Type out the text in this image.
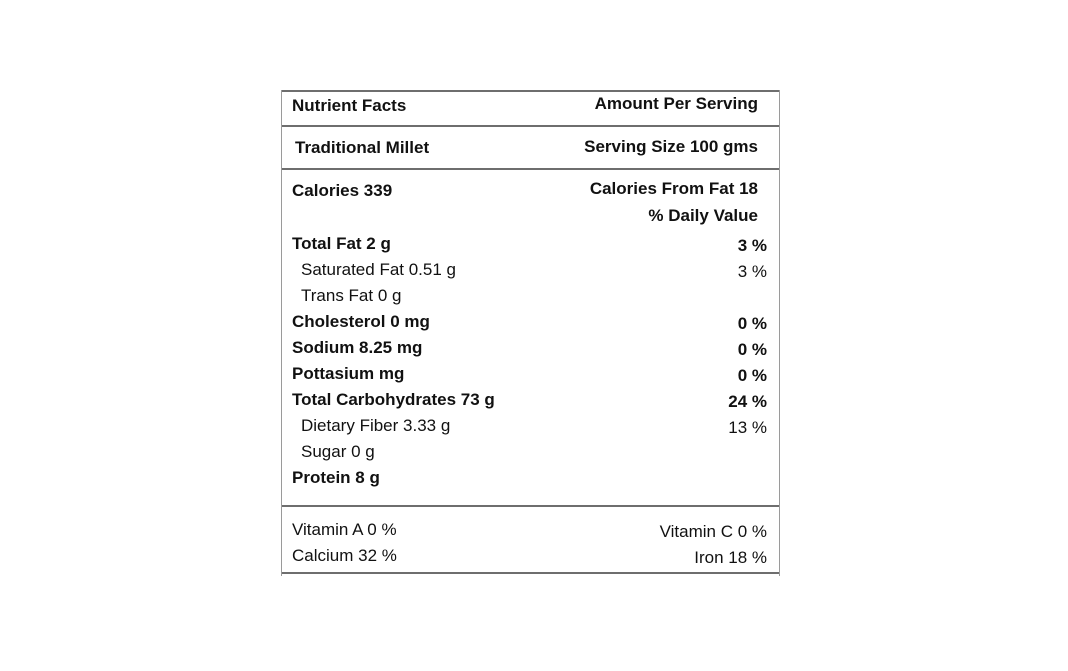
Nutrient Facts	Amount Per Serving
Traditional Millet	Serving Size 100 gms
Calories 339	Calories From Fat 18
% Daily Value
Total Fat 2 g	3 %
Saturated Fat 0.51 g	3 %
Trans Fat 0 g
Cholesterol 0 mg	0 %
Sodium 8.25 mg	0 %
Pottasium mg	0 %
Total Carbohydrates 73 g	24 %
Dietary Fiber 3.33 g	13 %
Sugar 0 g
Protein 8 g
Vitamin A 0 %	Vitamin C 0 %
Calcium 32 %	Iron 18 %
